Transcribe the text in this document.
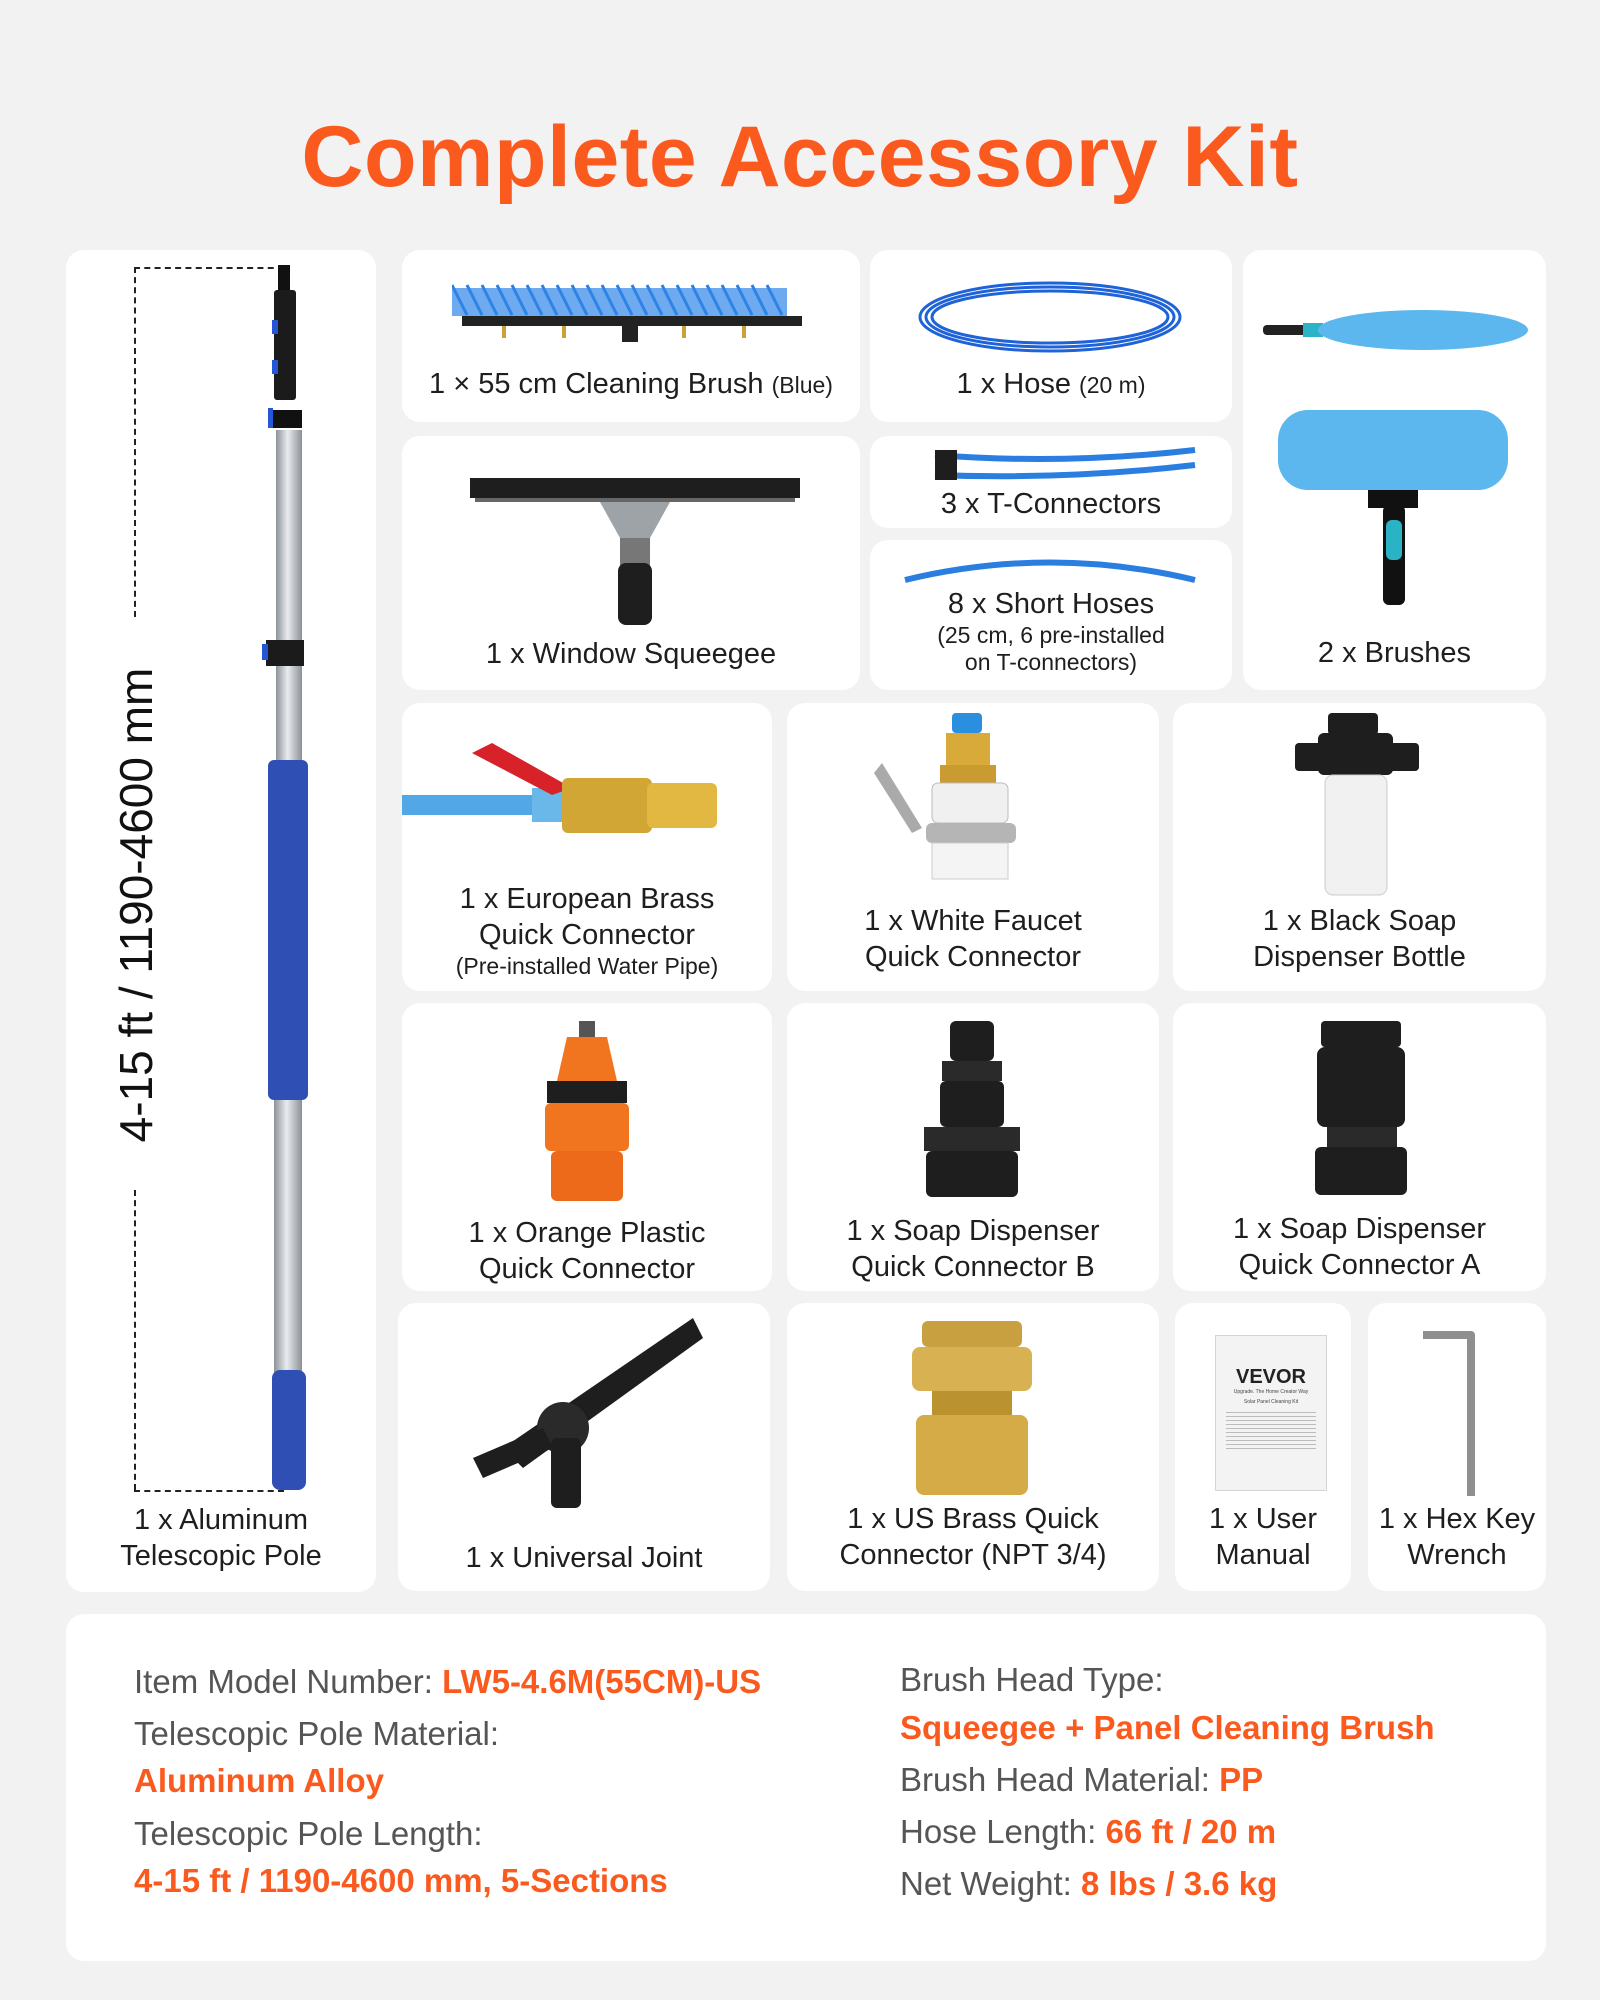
Complete Accessory Kit
4-15 ft / 1190-4600 mm
1 x Aluminum
Telescopic Pole
1 × 55 cm Cleaning Brush (Blue)	1 x Hose (20 m)
2 x Brushes
1 x Window Squeegee
3 x T-Connectors
8 x Short Hoses
(25 cm, 6 pre-installed
on T-connectors)
1 x European Brass
Quick Connector
(Pre-installed Water Pipe)
1 x White Faucet
Quick Connector
1 x Black Soap
Dispenser Bottle
1 x Orange Plastic
Quick Connector
1 x Soap Dispenser
Quick Connector B
1 x Soap Dispenser
Quick Connector A
1 x Universal Joint
1 x US Brass Quick
Connector (NPT 3/4)
VEVOR
Upgrade. The Home Creator Way
Solar Panel Cleaning Kit
1 x User
Manual
1 x Hex Key
Wrench
Item Model Number: LW5-4.6M(55CM)-US
Telescopic Pole Material:
Aluminum Alloy
Telescopic Pole Length:
4-15 ft / 1190-4600 mm, 5-Sections
Brush Head Type:
Squeegee + Panel Cleaning Brush
Brush Head Material: PP
Hose Length: 66 ft / 20 m
Net Weight: 8 lbs / 3.6 kg
